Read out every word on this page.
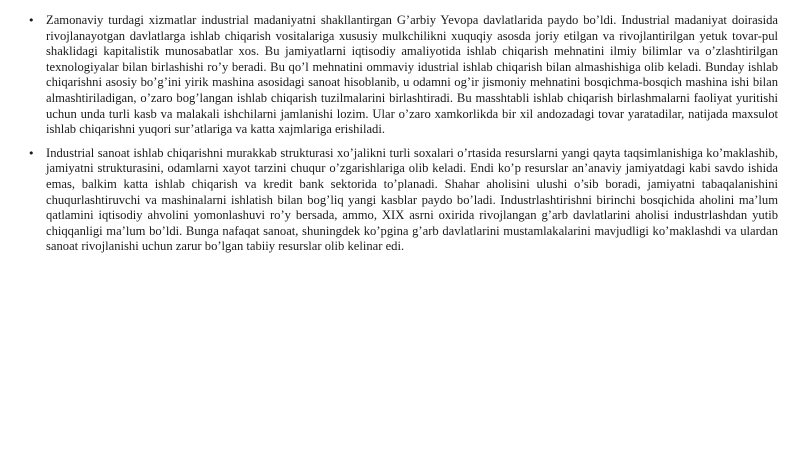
• Zamonaviy turdagi xizmatlar industrial madaniyatni shakllantirgan G’arbiy Yevopa davlatlarida paydo bo’ldi. Industrial madaniyat doirasida rivojlanayotgan davlatlarga ishlab chiqarish vositalariga xususiy mulkchilikni xuquqiy asosda joriy etilgan va rivojlantirilgan yetuk tovar-pul shaklidagi kapitalistik munosabatlar xos. Bu jamiyatlarni iqtisodiy amaliyotida ishlab chiqarish mehnatini ilmiy bilimlar va o’zlashtirilgan texnologiyalar bilan birlashishi ro’y beradi. Bu qo’l mehnatini ommaviy idustrial ishlab chiqarish bilan almashishiga olib keladi. Bunday ishlab chiqarishni asosiy bo’g’ini yirik mashina asosidagi sanoat hisoblanib, u odamni og’ir jismoniy mehnatini bosqichma-bosqich mashina ishi bilan almashtiriladigan, o’zaro bog’langan ishlab chiqarish tuzilmalarini birlashtiradi. Bu masshtabli ishlab chiqarish birlashmalarni faoliyat yuritishi uchun unda turli kasb va malakali ishchilarni jamlanishi lozim. Ular o’zaro xamkorlikda bir xil andozadagi tovar yaratadilar, natijada maxsulot ishlab chiqarishni yuqori sur’atlariga va katta xajmlariga erishiladi.
• Industrial sanoat ishlab chiqarishni murakkab strukturasi xo’jalikni turli soxalari o’rtasida resurslarni yangi qayta taqsimlanishiga ko’maklashib, jamiyatni strukturasini, odamlarni xayot tarzini chuqur o’zgarishlariga olib keladi. Endi ko’p resurslar an’anaviy jamiyatdagi kabi savdo ishida emas, balkim katta ishlab chiqarish va kredit bank sektorida to’planadi. Shahar aholisini ulushi o’sib boradi, jamiyatni tabaqalanishini chuqurlashtiruvchi va mashinalarni ishlatish bilan bog’liq yangi kasblar paydo bo’ladi. Industrlashtirishni birinchi bosqichida aholini ma’lum qatlamini iqtisodiy ahvolini yomonlashuvi ro’y bersada, ammo, XIX asrni oxirida rivojlangan g’arb davlatlarini aholisi industrlashdan yutib chiqqanligi ma’lum bo’ldi. Bunga nafaqat sanoat, shuningdek ko’pgina g’arb davlatlarini mustamlakalarini mavjudligi ko’maklashdi va ulardan sanoat rivojlanishi uchun zarur bo’lgan tabiiy resurslar olib kelinar edi.
